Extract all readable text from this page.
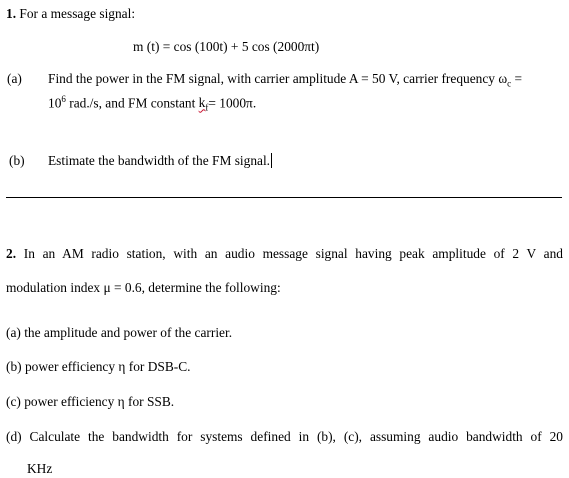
1. For a message signal:
m (t) = cos (100t) + 5 cos (2000πt)
(a) Find the power in the FM signal, with carrier amplitude A = 50 V, carrier frequency $\omega_c$ =
$10^6$ rad./s, and FM constant $k_f= 1000\pi$.
(b) Estimate the bandwidth of the FM signal.
2. In an AM radio station, with an audio message signal having peak amplitude of 2 V and
modulation index μ = 0.6, determine the following:
(a) the amplitude and power of the carrier.
(b) power efficiency η for DSB-C.
(c) power efficiency η for SSB.
(d) Calculate the bandwidth for systems defined in (b), (c), assuming audio bandwidth of 20
KHz
